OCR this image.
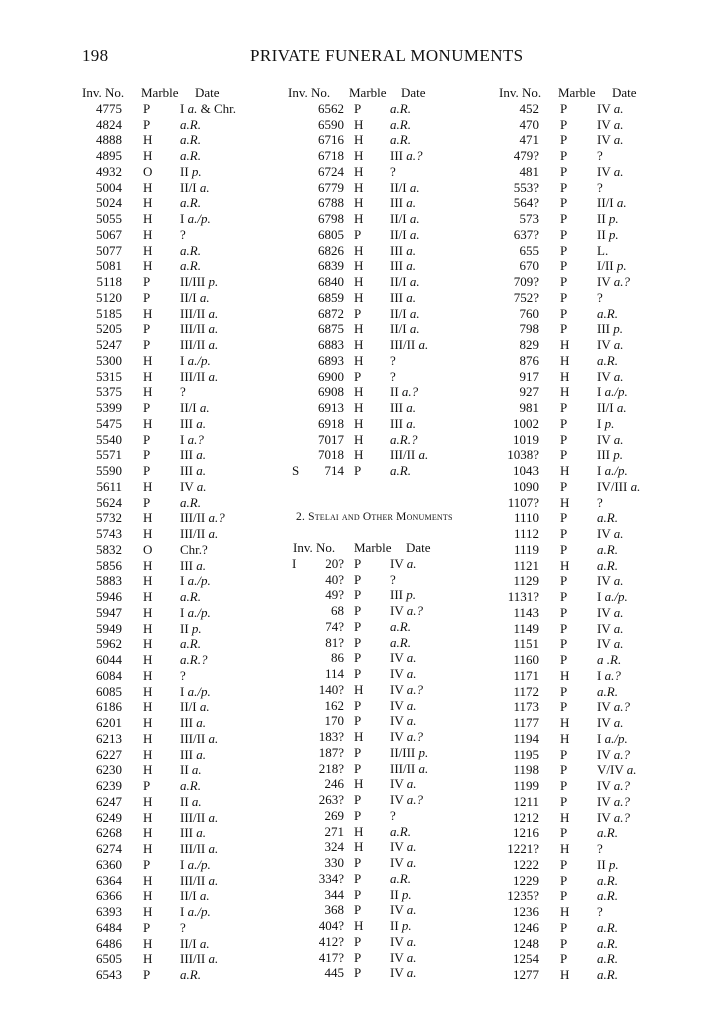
198	PRIVATE FUNERAL MONUMENTS
Inv. No. Marble Date
4775 P I a. & Chr.
4824 P a.R.
4888 H a.R.
4895 H a.R.
4932 O II p.
5004 H II/I a.
5024 H a.R.
5055 H I a./p.
5067 H ?
5077 H a.R.
5081 H a.R.
5118 P II/III p.
5120 P II/I a.
5185 H III/II a.
5205 P III/II a.
5247 P III/II a.
5300 H I a./p.
5315 H III/II a.
5375 H ?
5399 P II/I a.
5475 H III a.
5540 P I a.?
5571 P III a.
5590 P III a.
5611 H IV a.
5624 P a.R.
5732 H III/II a.?
5743 H III/II a.
5832 O Chr.?
5856 H III a.
5883 H I a./p.
5946 H a.R.
5947 H I a./p.
5949 H II p.
5962 H a.R.
6044 H a.R.?
6084 H ?
6085 H I a./p.
6186 H II/I a.
6201 H III a.
6213 H III/II a.
6227 H III a.
6230 H II a.
6239 P a.R.
6247 H II a.
6249 H III/II a.
6268 H III a.
6274 H III/II a.
6360 P I a./p.
6364 H III/II a.
6366 H II/I a.
6393 H I a./p.
6484 P ?
6486 H II/I a.
6505 H III/II a.
6543 P a.R.
Inv. No. Marble Date
6562 P a.R.
6590 H a.R.
6716 H a.R.
6718 H III a.?
6724 H ?
6779 H II/I a.
6788 H III a.
6798 H II/I a.
6805 P II/I a.
6826 H III a.
6839 H III a.
6840 H II/I a.
6859 H III a.
6872 P II/I a.
6875 H II/I a.
6883 H III/II a.
6893 H ?
6900 P ?
6908 H II a.?
6913 H III a.
6918 H III a.
7017 H a.R.?
7018 H III/II a.
S	714 P a.R.
2. Stelai and Other Monuments
Inv. No. Marble Date
I	20? P IV a.
40? P ?
49? P III p.
68 P IV a.?
74? P a.R.
81? P a.R.
86 P IV a.
114 P IV a.
140? H IV a.?
162 P IV a.
170 P IV a.
183? H IV a.?
187? P II/III p.
218? P III/II a.
246 H IV a.
263? P IV a.?
269 P ?
271 H a.R.
324 H IV a.
330 P IV a.
334? P a.R.
344 P II p.
368 P IV a.
404? H II p.
412? P IV a.
417? P IV a.
445 P IV a.
Inv. No. Marble Date
452 P IV a.
470 P IV a.
471 P IV a.
479? P ?
481 P IV a.
553? P ?
564? P II/I a.
573 P II p.
637? P II p.
655 P L.
670 P I/II p.
709? P IV a.?
752? P ?
760 P a.R.
798 P III p.
829 H IV a.
876 H a.R.
917 H IV a.
927 H I a./p.
981 P II/I a.
1002 P I p.
1019 P IV a.
1038? P III p.
1043 H I a./p.
1090 P IV/III a.
1107? H ?
1110 P a.R.
1112 P IV a.
1119 P a.R.
1121 H a.R.
1129 P IV a.
1131? P I a./p.
1143 P IV a.
1149 P IV a.
1151 P IV a.
1160 P a .R.
1171 H I a.?
1172 P a.R.
1173 P IV a.?
1177 H IV a.
1194 H I a./p.
1195 P IV a.?
1198 P V/IV a.
1199 P IV a.?
1211 P IV a.?
1212 H IV a.?
1216 P a.R.
1221? H ?
1222 P II p.
1229 P a.R.
1235? P a.R.
1236 H ?
1246 P a.R.
1248 P a.R.
1254 P a.R.
1277 H a.R.
